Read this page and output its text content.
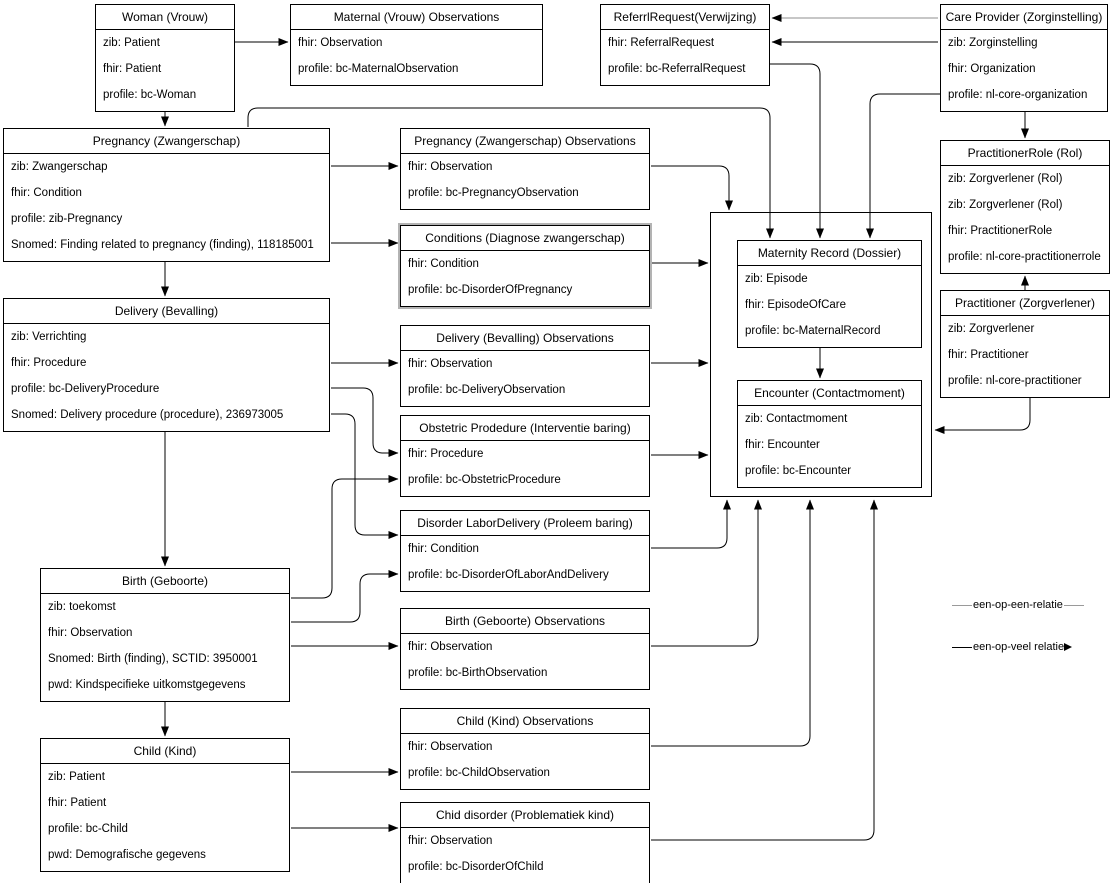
Woman (Vrouw)
zib: Patient
fhir: Patient
profile: bc-Woman
Maternal (Vrouw) Observations
fhir: Observation
profile: bc-MaternalObservation
ReferrlRequest(Verwijzing)
fhir: ReferralRequest
profile: bc-ReferralRequest
Care Provider (Zorginstelling)
zib: Zorginstelling
fhir: Organization
profile: nl-core-organization
Pregnancy (Zwangerschap)
zib: Zwangerschap
fhir: Condition
profile: zib-Pregnancy
Snomed: Finding related to pregnancy (finding), 118185001
Pregnancy (Zwangerschap) Observations
fhir: Observation
profile: bc-PregnancyObservation
Conditions (Diagnose zwangerschap)
fhir: Condition
profile: bc-DisorderOfPregnancy
PractitionerRole (Rol)
zib: Zorgverlener (Rol)
zib: Zorgverlener (Rol)
fhir: PractitionerRole
profile: nl-core-practitionerrole
Delivery (Bevalling)
zib: Verrichting
fhir: Procedure
profile: bc-DeliveryProcedure
Snomed: Delivery procedure (procedure), 236973005
Delivery (Bevalling) Observations
fhir: Observation
profile: bc-DeliveryObservation
Obstetric Prodedure (Interventie baring)
fhir: Procedure
profile: bc-ObstetricProcedure
Disorder LaborDelivery (Proleem baring)
fhir: Condition
profile: bc-DisorderOfLaborAndDelivery
Maternity Record (Dossier)
zib: Episode
fhir: EpisodeOfCare
profile: bc-MaternalRecord
Encounter (Contactmoment)
zib: Contactmoment
fhir: Encounter
profile: bc-Encounter
Practitioner (Zorgverlener)
zib: Zorgverlener
fhir: Practitioner
profile: nl-core-practitioner
Birth (Geboorte)
zib: toekomst
fhir: Observation
Snomed: Birth (finding), SCTID: 3950001
pwd: Kindspecifieke uitkomstgegevens
Birth (Geboorte) Observations
fhir: Observation
profile: bc-BirthObservation
Child (Kind) Observations
fhir: Observation
profile: bc-ChildObservation
Child (Kind)
zib: Patient
fhir: Patient
profile: bc-Child
pwd: Demografische gegevens
Chid disorder (Problematiek kind)
fhir: Observation
profile: bc-DisorderOfChild
een-op-een-relatie
een-op-veel relatie
